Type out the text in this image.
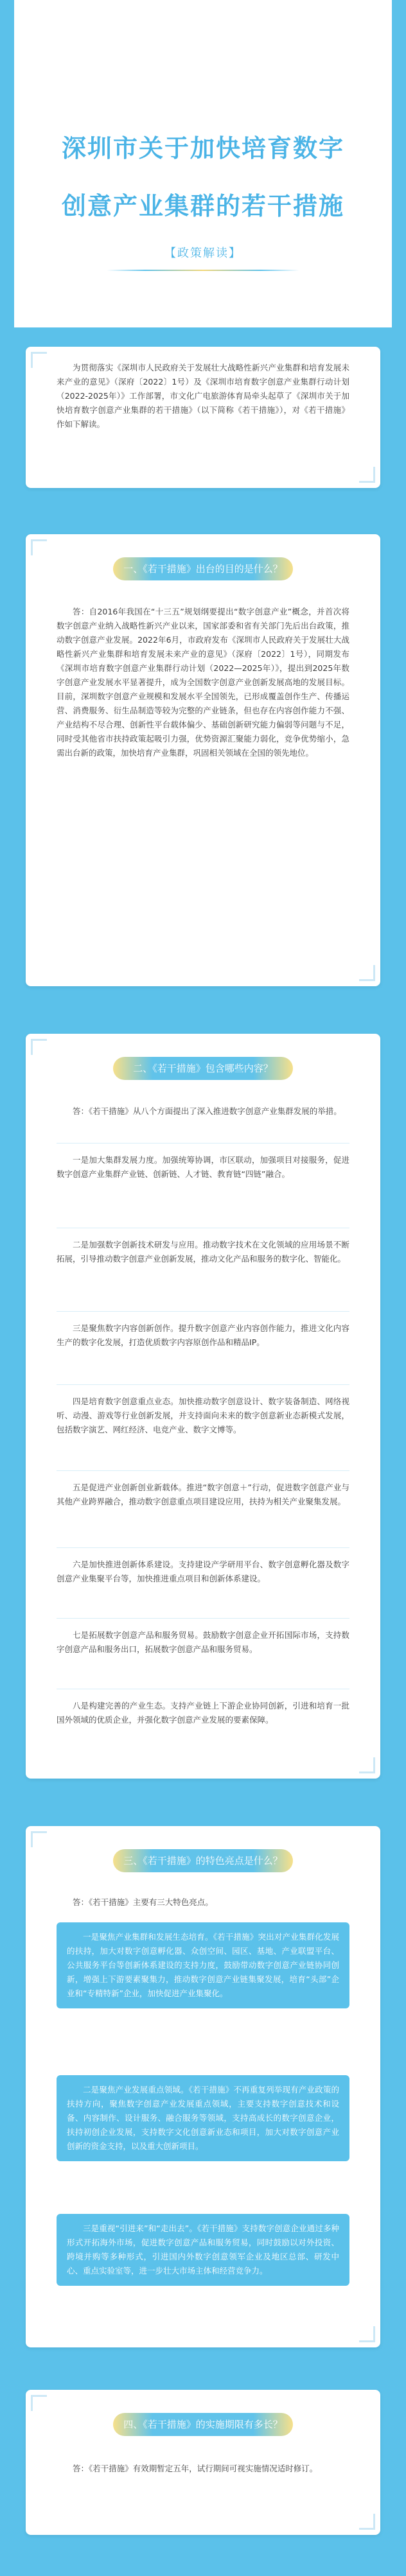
深圳市关于加快培育数字
创意产业集群的若干措施
【政策解读】

为贯彻落实《深圳市人民政府关于发展壮大战略性新兴产业集群和培育发展未来产业的意见》（深府〔2022〕1号）及《深圳市培育数字创意产业集群行动计划（2022-2025年）》工作部署，市文化广电旅游体育局牵头起草了《深圳市关于加快培育数字创意产业集群的若干措施》（以下简称《若干措施》），对《若干措施》作如下解读。

一、《若干措施》出台的目的是什么？

答：自2016年我国在“十三五”规划纲要提出“数字创意产业”概念，并首次将数字创意产业纳入战略性新兴产业以来，国家部委和省有关部门先后出台政策，推动数字创意产业发展。2022年6月，市政府发布《深圳市人民政府关于发展壮大战略性新兴产业集群和培育发展未来产业的意见》（深府〔2022〕1号），同期发布《深圳市培育数字创意产业集群行动计划（2022—2025年）》，提出到2025年数字创意产业发展水平显著提升，成为全国数字创意产业创新发展高地的发展目标。目前，深圳数字创意产业规模和发展水平全国领先，已形成覆盖创作生产、传播运营、消费服务、衍生品制造等较为完整的产业链条，但也存在内容创作能力不强、产业结构不尽合理、创新性平台载体偏少、基础创新研究能力偏弱等问题与不足，同时受其他省市扶持政策起吸引力强，优势资源汇聚能力弱化，竞争优势缩小，急需出台新的政策，加快培育产业集群，巩固相关领域在全国的领先地位。

二、《若干措施》包含哪些内容？

答：《若干措施》从八个方面提出了深入推进数字创意产业集群发展的举措。

一是加大集群发展力度。加强统筹协调，市区联动，加强项目对接服务，促进数字创意产业集群产业链、创新链、人才链、教育链“四链”融合。

二是加强数字创新技术研发与应用。推动数字技术在文化领域的应用场景不断拓展，引导推动数字创意产业创新发展，推动文化产品和服务的数字化、智能化。

三是聚焦数字内容创新创作。提升数字创意产业内容创作能力，推进文化内容生产的数字化发展，打造优质数字内容原创作品和精品IP。

四是培育数字创意重点业态。加快推动数字创意设计、数字装备制造、网络视听、动漫、游戏等行业创新发展，并支持面向未来的数字创意新业态新模式发展，包括数字演艺、网红经济、电竞产业、数字文博等。

五是促进产业创新创业新载体。推进“数字创意＋”行动，促进数字创意产业与其他产业跨界融合，推动数字创意重点项目建设应用，扶持为相关产业聚集发展。

六是加快推进创新体系建设。支持建设产学研用平台、数字创意孵化器及数字创意产业集聚平台等，加快推进重点项目和创新体系建设。

七是拓展数字创意产品和服务贸易。鼓励数字创意企业开拓国际市场，支持数字创意产品和服务出口，拓展数字创意产品和服务贸易。

八是构建完善的产业生态。支持产业链上下游企业协同创新，引进和培育一批国外领域的优质企业，并强化数字创意产业发展的要素保障。

三、《若干措施》的特色亮点是什么？

答：《若干措施》主要有三大特色亮点。

一是聚焦产业集群和发展生态培育。《若干措施》突出对产业集群化发展的扶持，加大对数字创意孵化器、众创空间、园区、基地、产业联盟平台、公共服务平台等创新体系建设的支持力度，鼓励带动数字创意产业链协同创新，增强上下游要素聚集力，推动数字创意产业链集聚发展，培育“头部”企业和“专精特新”企业，加快促进产业集聚化。

二是聚焦产业发展重点领域。《若干措施》不再重复列举现有产业政策的扶持方向，聚焦数字创意产业发展重点领域，主要支持数字创意技术和设备、内容制作、设计服务、融合服务等领域，支持高成长的数字创意企业，扶持初创企业发展，支持数字文化创意新业态和项目，加大对数字创意产业创新的资金支持，以及重大创新项目。

三是重视“引进来”和“走出去”。《若干措施》支持数字创意企业通过多种形式开拓海外市场，促进数字创意产品和服务贸易，同时鼓励以对外投资、跨境并购等多种形式，引进国内外数字创意领军企业及地区总部、研发中心、重点实验室等，进一步壮大市场主体和经营竞争力。

四、《若干措施》的实施期限有多长？

答：《若干措施》有效期暂定五年，试行期间可视实施情况适时修订。
